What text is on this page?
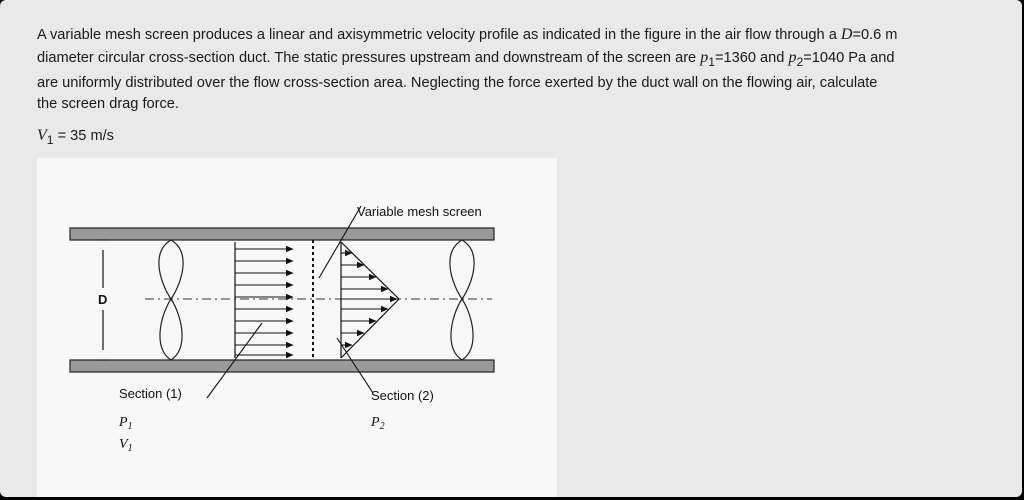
A variable mesh screen produces a linear and axisymmetric velocity profile as indicated in the figure in the air flow through a D=0.6 m

diameter circular cross-section duct. The static pressures upstream and downstream of the screen are $p_1=1360$ and $p_2=1040$ Pa and

are uniformly distributed over the flow cross-section area. Neglecting the force exerted by the duct wall on the flowing air, calculate

the screen drag force.

$V_1 = 35$ m/s
D
Variable mesh screen
Section (1)	Section (2)
$P_1$
$V_1$
$P_2$
